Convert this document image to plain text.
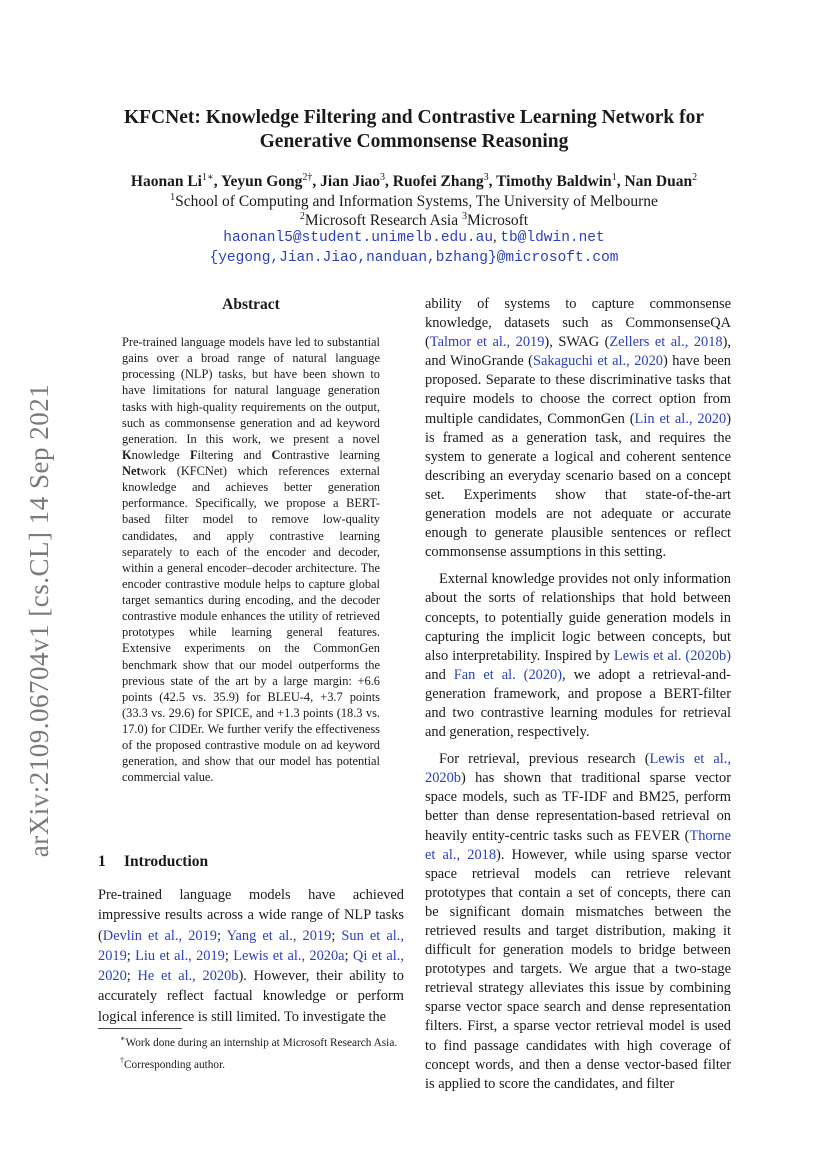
arXiv:2109.06704v1 [cs.CL] 14 Sep 2021
KFCNet: Knowledge Filtering and Contrastive Learning Network for
Generative Commonsense Reasoning
Haonan $Li^{1∗}$, Yeyun Gong$^{2\dagger}$, Jian Jiao$^3$, Ruofei Zhang$^3$, Timothy Baldwin$^1$, Nan Duan$^2$
$^1$School of Computing and Information Systems, The University of Melbourne
$^2$Microsoft Research Asia $^3$Microsoft
haonanl5@student.unimelb.edu.au, tb@ldwin.net
{yegong,Jian.Jiao,nanduan,bzhang}@microsoft.com
Abstract

Pre-trained language models have led to substantial gains over a broad range of natural language processing (NLP) tasks, but have been shown to have limitations for natural language generation tasks with high-quality requirements on the output, such as commonsense generation and ad keyword generation. In this work, we present a novel Knowledge Filtering and Contrastive learning Network (KFCNet) which references external knowledge and achieves better generation performance. Specifically, we propose a BERT-based filter model to remove low-quality candidates, and apply contrastive learning separately to each of the encoder and decoder, within a general encoder–decoder architecture. The encoder contrastive module helps to capture global target semantics during encoding, and the decoder contrastive module enhances the utility of retrieved prototypes while learning general features. Extensive experiments on the CommonGen benchmark show that our model outperforms the previous state of the art by a large margin: +6.6 points (42.5 vs. 35.9) for BLEU-4, +3.7 points (33.3 vs. 29.6) for SPICE, and +1.3 points (18.3 vs. 17.0) for CIDEr. We further verify the effectiveness of the proposed contrastive module on ad keyword generation, and show that our model has potential commercial value.

1 Introduction

Pre-trained language models have achieved impressive results across a wide range of NLP tasks (Devlin et al., 2019; Yang et al., 2019; Sun et al., 2019; Liu et al., 2019; Lewis et al., 2020a; Qi et al., 2020; He et al., 2020b). However, their ability to accurately reflect factual knowledge or perform logical inference is still limited. To investigate the

∗Work done during an internship at Microsoft Research Asia.

†Corresponding author.

ability of systems to capture commonsense knowledge, datasets such as CommonsenseQA (Talmor et al., 2019), SWAG (Zellers et al., 2018), and WinoGrande (Sakaguchi et al., 2020) have been proposed. Separate to these discriminative tasks that require models to choose the correct option from multiple candidates, CommonGen (Lin et al., 2020) is framed as a generation task, and requires the system to generate a logical and coherent sentence describing an everyday scenario based on a concept set. Experiments show that state-of-the-art generation models are not adequate or accurate enough to generate plausible sentences or reflect commonsense assumptions in this setting.

External knowledge provides not only information about the sorts of relationships that hold between concepts, to potentially guide generation models in capturing the implicit logic between concepts, but also interpretability. Inspired by Lewis et al. (2020b) and Fan et al. (2020), we adopt a retrieval-and-generation framework, and propose a BERT-filter and two contrastive learning modules for retrieval and generation, respectively.

For retrieval, previous research (Lewis et al., 2020b) has shown that traditional sparse vector space models, such as TF-IDF and BM25, perform better than dense representation-based retrieval on heavily entity-centric tasks such as FEVER (Thorne et al., 2018). However, while using sparse vector space retrieval models can retrieve relevant prototypes that contain a set of concepts, there can be significant domain mismatches between the retrieved results and target distribution, making it difficult for generation models to bridge between prototypes and targets. We argue that a two-stage retrieval strategy alleviates this issue by combining sparse vector space search and dense representation filters. First, a sparse vector retrieval model is used to find passage candidates with high coverage of concept words, and then a dense vector-based filter is applied to score the candidates, and filter
